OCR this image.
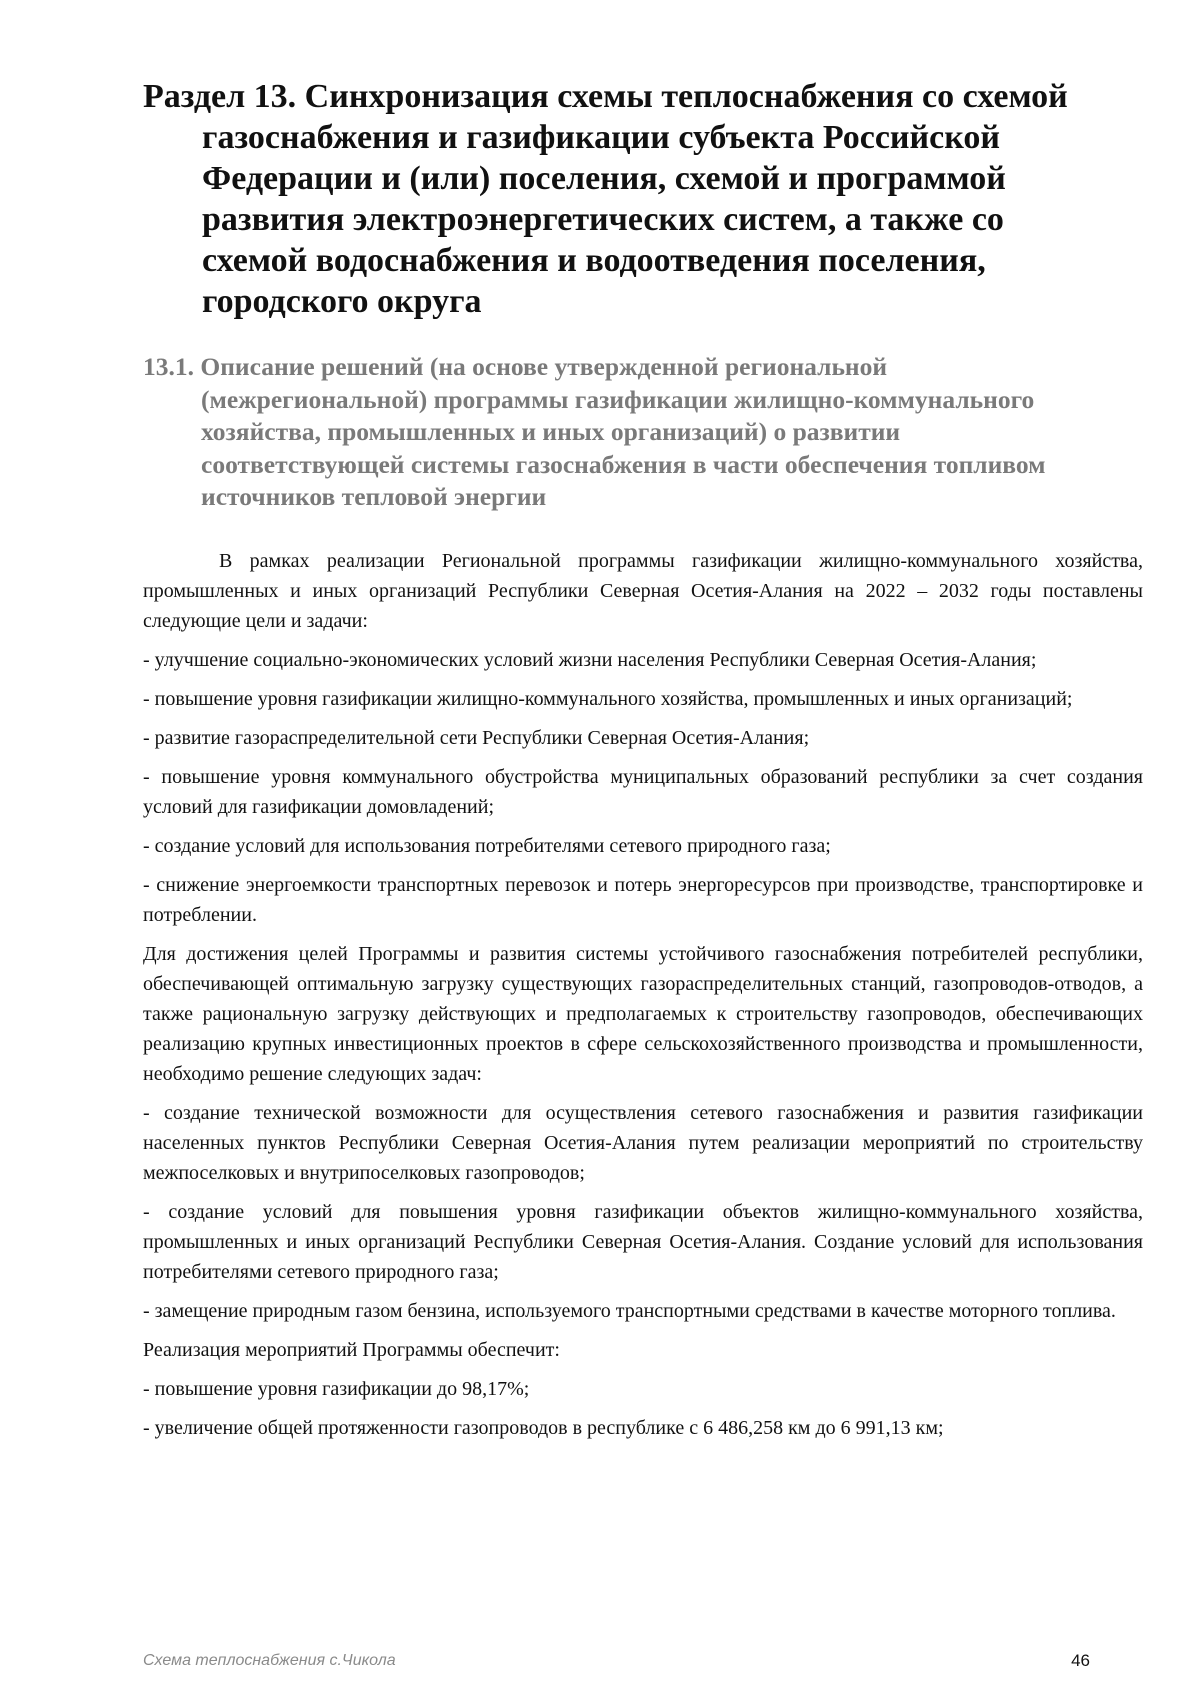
Раздел 13. Синхронизация схемы теплоснабжения со схемой
газоснабжения и газификации субъекта Российской
Федерации и (или) поселения, схемой и программой
развития электроэнергетических систем, а также со
схемой водоснабжения и водоотведения поселения,
городского округа
13.1. Описание решений (на основе утвержденной региональной
(межрегиональной) программы газификации жилищно-коммунального
хозяйства, промышленных и иных организаций) о развитии
соответствующей системы газоснабжения в части обеспечения топливом
источников тепловой энергии

В рамках реализации Региональной программы газификации жилищно-коммунального хозяйства, промышленных и иных организаций Республики Северная Осетия-Алания на 2022 – 2032 годы поставлены следующие цели и задачи:

- улучшение социально-экономических условий жизни населения Республики Северная Осетия-Алания;

- повышение уровня газификации жилищно-коммунального хозяйства, промышленных и иных организаций;

- развитие газораспределительной сети Республики Северная Осетия-Алания;

- повышение уровня коммунального обустройства муниципальных образований республики за счет создания условий для газификации домовладений;

- создание условий для использования потребителями сетевого природного газа;

- снижение энергоемкости транспортных перевозок и потерь энергоресурсов при производстве, транспортировке и потреблении.

Для достижения целей Программы и развития системы устойчивого газоснабжения потребителей республики, обеспечивающей оптимальную загрузку существующих газораспределительных станций, газопроводов-отводов, а также рациональную загрузку действующих и предполагаемых к строительству газопроводов, обеспечивающих реализацию крупных инвестиционных проектов в сфере сельскохозяйственного производства и промышленности, необходимо решение следующих задач:

- создание технической возможности для осуществления сетевого газоснабжения и развития газификации населенных пунктов Республики Северная Осетия-Алания путем реализации мероприятий по строительству межпоселковых и внутрипоселковых газопроводов;

- создание условий для повышения уровня газификации объектов жилищно-коммунального хозяйства, промышленных и иных организаций Республики Северная Осетия-Алания. Создание условий для использования потребителями сетевого природного газа;

- замещение природным газом бензина, используемого транспортными средствами в качестве моторного топлива.

Реализация мероприятий Программы обеспечит:

- повышение уровня газификации до 98,17%;

- увеличение общей протяженности газопроводов в республике с 6 486,258 км до 6 991,13 км;

Схема теплоснабжения с.Чикола	46
